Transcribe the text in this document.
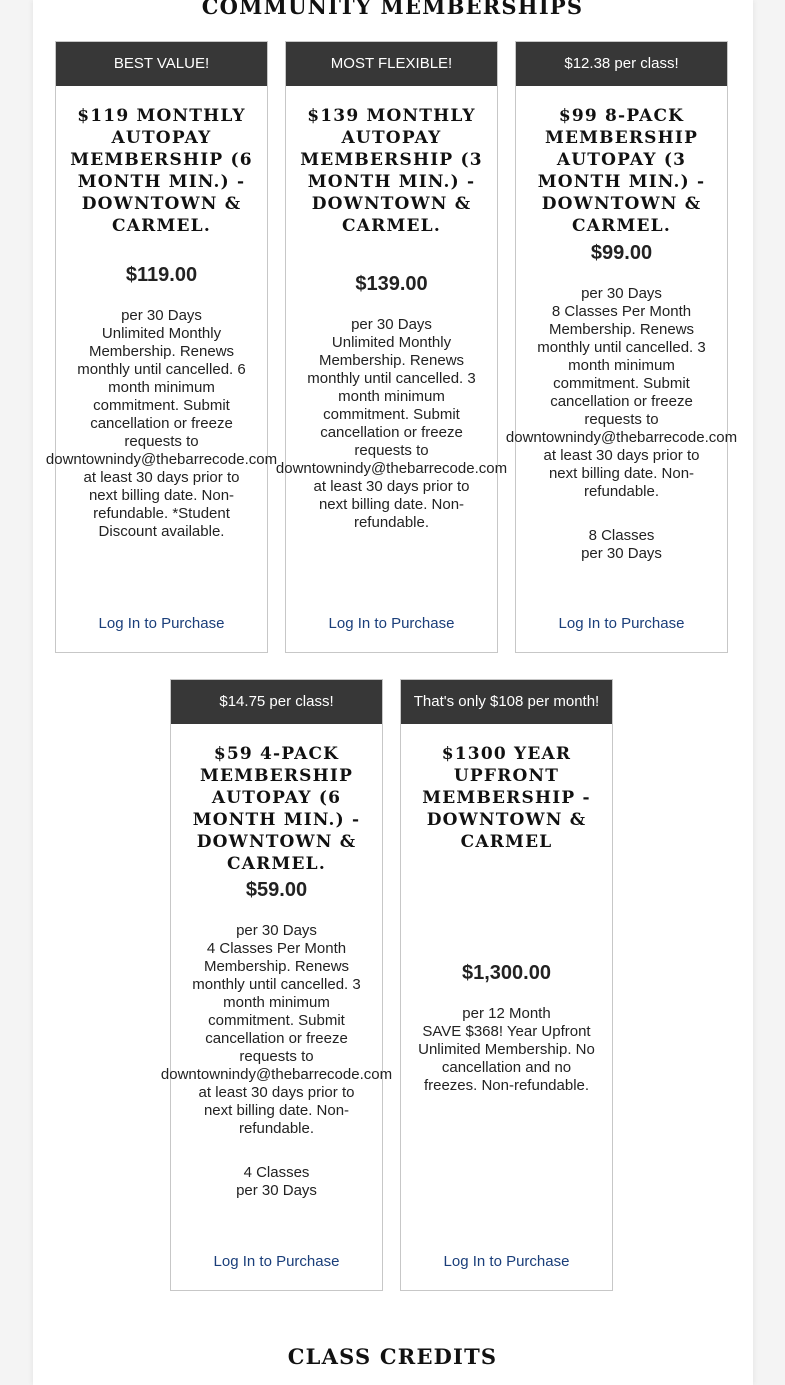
COMMUNITY MEMBERSHIPS
BEST VALUE!
$119 MONTHLY AUTOPAY MEMBERSHIP (6 MONTH MIN.) - DOWNTOWN & CARMEL.
$119.00
per 30 Days
Unlimited Monthly Membership. Renews monthly until cancelled. 6 month minimum commitment. Submit cancellation or freeze requests to
downtownindy@thebarrecode.com
at least 30 days prior to next billing date. Non-refundable. *Student Discount available.
Log In to Purchase
MOST FLEXIBLE!
$139 MONTHLY AUTOPAY MEMBERSHIP (3 MONTH MIN.) - DOWNTOWN & CARMEL.
$139.00
per 30 Days
Unlimited Monthly Membership. Renews monthly until cancelled. 3 month minimum commitment. Submit cancellation or freeze requests to
downtownindy@thebarrecode.com
at least 30 days prior to next billing date. Non-refundable.
Log In to Purchase
$12.38 per class!
$99 8-PACK MEMBERSHIP AUTOPAY (3 MONTH MIN.) - DOWNTOWN & CARMEL.
$99.00
per 30 Days
8 Classes Per Month Membership. Renews monthly until cancelled. 3 month minimum commitment. Submit cancellation or freeze requests to
downtownindy@thebarrecode.com
at least 30 days prior to next billing date. Non-refundable.
8 Classes
per 30 Days
Log In to Purchase
$14.75 per class!
$59 4-PACK MEMBERSHIP AUTOPAY (6 MONTH MIN.) - DOWNTOWN & CARMEL.
$59.00
per 30 Days
4 Classes Per Month Membership. Renews monthly until cancelled. 3 month minimum commitment. Submit cancellation or freeze requests to
downtownindy@thebarrecode.com
at least 30 days prior to next billing date. Non-refundable.
4 Classes
per 30 Days
Log In to Purchase
That's only $108 per month!
$1300 YEAR UPFRONT MEMBERSHIP - DOWNTOWN & CARMEL
$1,300.00
per 12 Month
SAVE $368! Year Upfront Unlimited Membership. No cancellation and no freezes. Non-refundable.
Log In to Purchase
CLASS CREDITS
